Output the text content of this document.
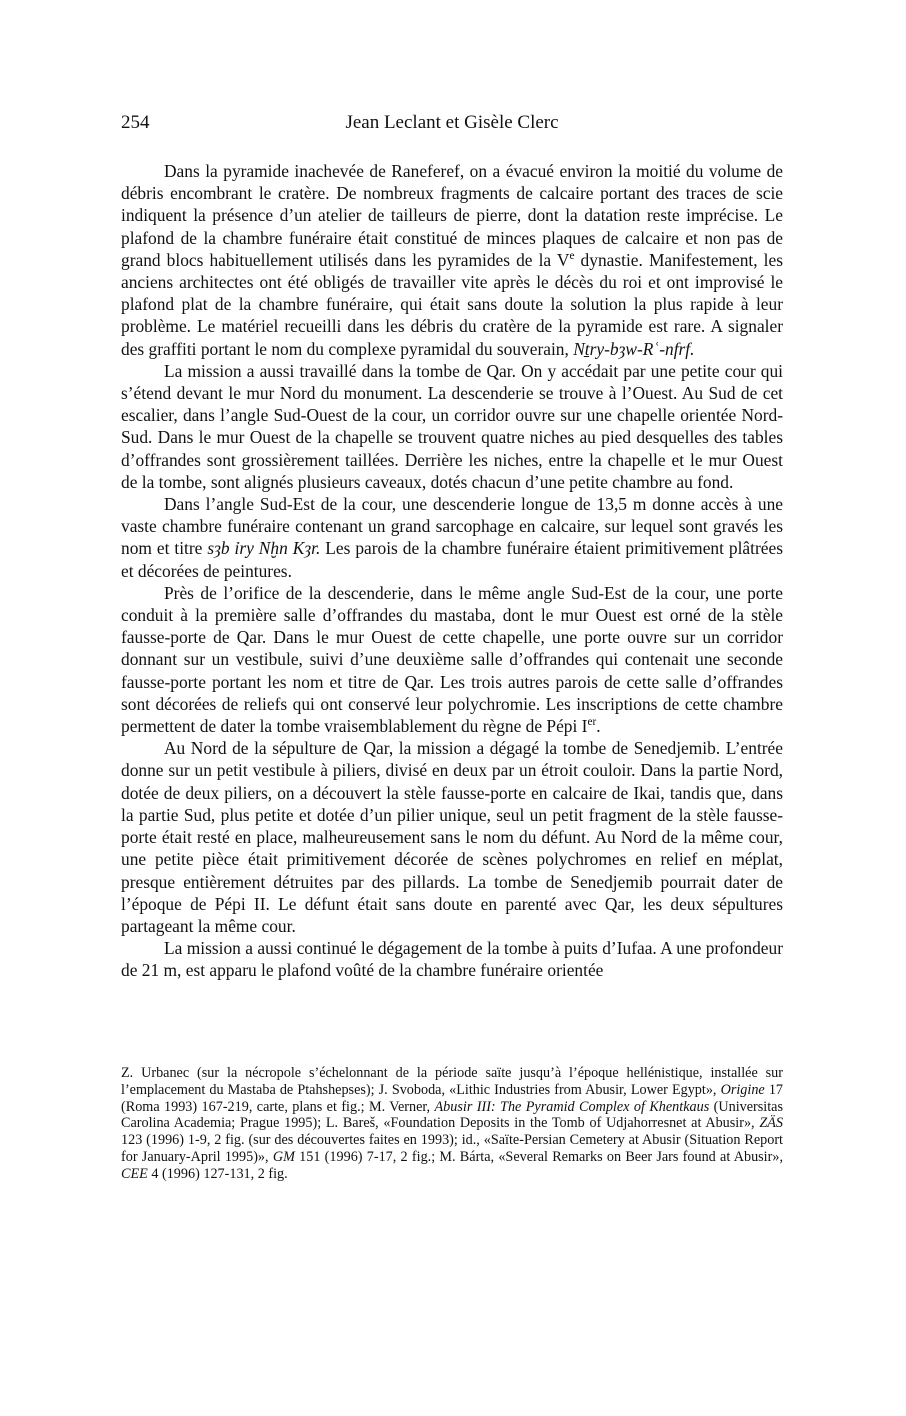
254	Jean Leclant et Gisèle Clerc

Dans la pyramide inachevée de Raneferef, on a évacué environ la moitié du volume de débris encombrant le cratère. De nombreux fragments de calcaire portant des traces de scie indiquent la présence d’un atelier de tailleurs de pierre, dont la datation reste imprécise. Le plafond de la chambre funéraire était constitué de minces plaques de calcaire et non pas de grand blocs habituellement utilisés dans les pyramides de la Ve dynastie. Manifestement, les anciens architectes ont été obligés de travailler vite après le décès du roi et ont improvisé le plafond plat de la chambre funéraire, qui était sans doute la solution la plus rapide à leur problème. Le matériel recueilli dans les débris du cratère de la pyramide est rare. A signaler des graffiti portant le nom du complexe pyramidal du souverain, Nṯry-bȝw-Rʿ-nfrf.

La mission a aussi travaillé dans la tombe de Qar. On y accédait par une petite cour qui s’étend devant le mur Nord du monument. La descenderie se trouve à l’Ouest. Au Sud de cet escalier, dans l’angle Sud-Ouest de la cour, un corridor ouvre sur une chapelle orientée Nord-Sud. Dans le mur Ouest de la chapelle se trouvent quatre niches au pied desquelles des tables d’offrandes sont grossièrement taillées. Derrière les niches, entre la chapelle et le mur Ouest de la tombe, sont alignés plusieurs caveaux, dotés chacun d’une petite chambre au fond.

Dans l’angle Sud-Est de la cour, une descenderie longue de 13,5 m donne accès à une vaste chambre funéraire contenant un grand sarcophage en calcaire, sur lequel sont gravés les nom et titre sȝb ỉry Nḫn Kȝr. Les parois de la chambre funéraire étaient primitivement plâtrées et décorées de peintures.

Près de l’orifice de la descenderie, dans le même angle Sud-Est de la cour, une porte conduit à la première salle d’offrandes du mastaba, dont le mur Ouest est orné de la stèle fausse-porte de Qar. Dans le mur Ouest de cette chapelle, une porte ouvre sur un corridor donnant sur un vestibule, suivi d’une deuxième salle d’offrandes qui contenait une seconde fausse-porte portant les nom et titre de Qar. Les trois autres parois de cette salle d’offrandes sont décorées de reliefs qui ont conservé leur polychromie. Les inscriptions de cette chambre permettent de dater la tombe vraisemblablement du règne de Pépi Ier.

Au Nord de la sépulture de Qar, la mission a dégagé la tombe de Senedjemib. L’entrée donne sur un petit vestibule à piliers, divisé en deux par un étroit couloir. Dans la partie Nord, dotée de deux piliers, on a découvert la stèle fausse-porte en calcaire de Ikai, tandis que, dans la partie Sud, plus petite et dotée d’un pilier unique, seul un petit fragment de la stèle fausse-porte était resté en place, malheureusement sans le nom du défunt. Au Nord de la même cour, une petite pièce était primitivement décorée de scènes polychromes en relief en méplat, presque entièrement détruites par des pillards. La tombe de Senedjemib pourrait dater de l’époque de Pépi II. Le défunt était sans doute en parenté avec Qar, les deux sépultures partageant la même cour.

La mission a aussi continué le dégagement de la tombe à puits d’Iufaa. A une profondeur de 21 m, est apparu le plafond voûté de la chambre funéraire orientée

Z. Urbanec (sur la nécropole s’échelonnant de la période saïte jusqu’à l’époque hellénistique, installée sur l’emplacement du Mastaba de Ptahshepses); J. Svoboda, «Lithic Industries from Abusir, Lower Egypt», Origine 17 (Roma 1993) 167-219, carte, plans et fig.; M. Verner, Abusir III: The Pyramid Complex of Khentkaus (Universitas Carolina Academia; Prague 1995); L. Bareš, «Foundation Deposits in the Tomb of Udjahorresnet at Abusir», ZÄS 123 (1996) 1-9, 2 fig. (sur des découvertes faites en 1993); id., «Saïte-Persian Cemetery at Abusir (Situation Report for January-April 1995)», GM 151 (1996) 7-17, 2 fig.; M. Bárta, «Several Remarks on Beer Jars found at Abusir», CEE 4 (1996) 127-131, 2 fig.
